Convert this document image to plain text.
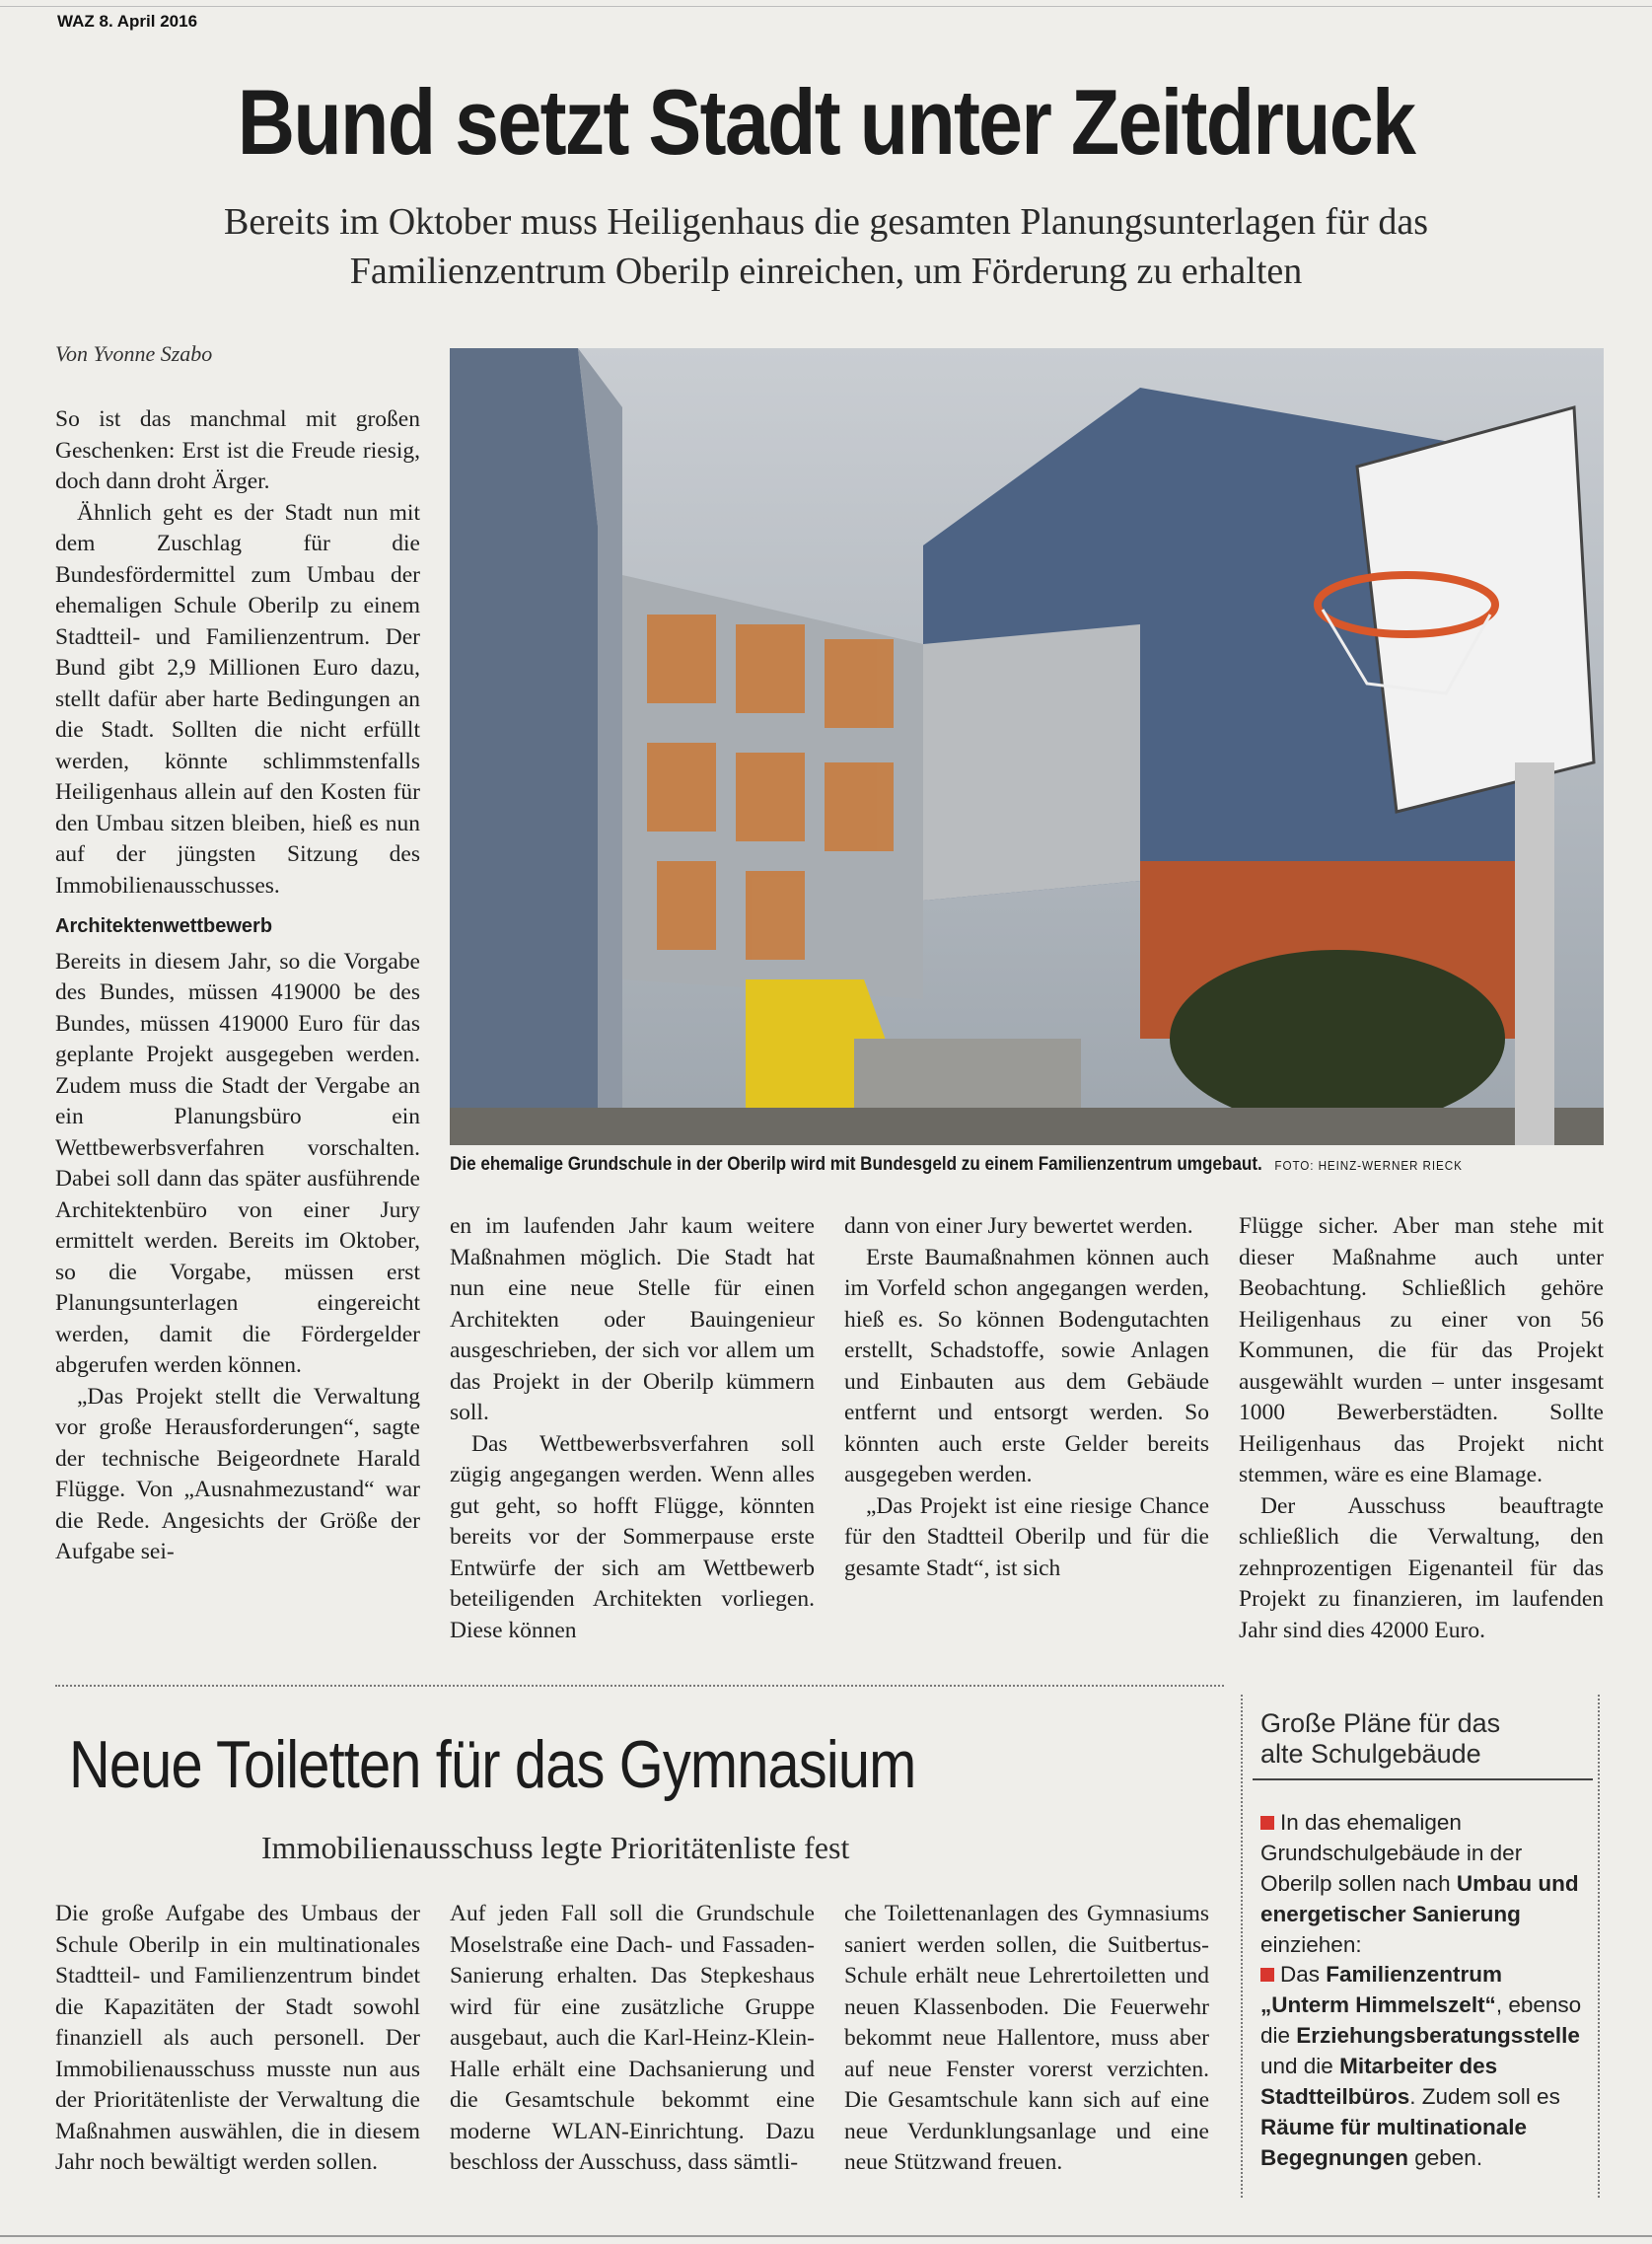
WAZ 8. April 2016
Bund setzt Stadt unter Zeitdruck
Bereits im Oktober muss Heiligenhaus die gesamten Planungsunterlagen für das
Familienzentrum Oberilp einreichen, um Förderung zu erhalten
Von Yvonne Szabo

So ist das manchmal mit großen Geschenken: Erst ist die Freude riesig, doch dann droht Ärger.

Ähnlich geht es der Stadt nun mit dem Zuschlag für die Bundesfördermittel zum Umbau der ehemaligen Schule Oberilp zu einem Stadtteil- und Familienzentrum. Der Bund gibt 2,9 Millionen Euro dazu, stellt dafür aber harte Bedingungen an die Stadt. Sollten die nicht erfüllt werden, könnte schlimmstenfalls Heiligenhaus allein auf den Kosten für den Umbau sitzen bleiben, hieß es nun auf der jüngsten Sitzung des Immobilienausschusses.

Architektenwettbewerb

Bereits in diesem Jahr, so die Vorgabe des Bundes, müssen 419000 be des Bundes, müssen 419000 Euro für das geplante Projekt ausgegeben werden. Zudem muss die Stadt der Vergabe an ein Planungsbüro ein Wettbewerbsverfahren vorschalten. Dabei soll dann das später ausführende Architektenbüro von einer Jury ermittelt werden. Bereits im Oktober, so die Vorgabe, müssen erst Planungsunterlagen eingereicht werden, damit die Fördergelder abgerufen werden können.

„Das Projekt stellt die Verwaltung vor große Herausforderungen“, sagte der technische Beigeordnete Harald Flügge. Von „Ausnahmezustand“ war die Rede. Angesichts der Größe der Aufgabe sei-

Die ehemalige Grundschule in der Oberilp wird mit Bundesgeld zu einem Familienzentrum umgebaut. FOTO: HEINZ-WERNER RIECK

en im laufenden Jahr kaum weitere Maßnahmen möglich. Die Stadt hat nun eine neue Stelle für einen Architekten oder Bauingenieur ausgeschrieben, der sich vor allem um das Projekt in der Oberilp kümmern soll.

Das Wettbewerbsverfahren soll zügig angegangen werden. Wenn alles gut geht, so hofft Flügge, könnten bereits vor der Sommerpause erste Entwürfe der sich am Wettbewerb beteiligenden Architekten vorliegen. Diese können

dann von einer Jury bewertet werden.

Erste Baumaßnahmen können auch im Vorfeld schon angegangen werden, hieß es. So können Bodengutachten erstellt, Schadstoffe, sowie Anlagen und Einbauten aus dem Gebäude entfernt und entsorgt werden. So könnten auch erste Gelder bereits ausgegeben werden.

„Das Projekt ist eine riesige Chance für den Stadtteil Oberilp und für die gesamte Stadt“, ist sich

Flügge sicher. Aber man stehe mit dieser Maßnahme auch unter Beobachtung. Schließlich gehöre Heiligenhaus zu einer von 56 Kommunen, die für das Projekt ausgewählt wurden – unter insgesamt 1000 Bewerberstädten. Sollte Heiligenhaus das Projekt nicht stemmen, wäre es eine Blamage.

Der Ausschuss beauftragte schließlich die Verwaltung, den zehnprozentigen Eigenanteil für das Projekt zu finanzieren, im laufenden Jahr sind dies 42000 Euro.

Neue Toiletten für das Gymnasium
Immobilienausschuss legte Prioritätenliste fest

Die große Aufgabe des Umbaus der Schule Oberilp in ein multinationales Stadtteil- und Familienzentrum bindet die Kapazitäten der Stadt sowohl finanziell als auch personell. Der Immobilienausschuss musste nun aus der Prioritätenliste der Verwaltung die Maßnahmen auswählen, die in diesem Jahr noch bewältigt werden sollen.

Auf jeden Fall soll die Grundschule Moselstraße eine Dach- und Fassaden-Sanierung erhalten. Das Stepkeshaus wird für eine zusätzliche Gruppe ausgebaut, auch die Karl-Heinz-Klein-Halle erhält eine Dachsanierung und die Gesamtschule bekommt eine moderne WLAN-Einrichtung. Dazu beschloss der Ausschuss, dass sämtli-

che Toilettenanlagen des Gymnasiums saniert werden sollen, die Suitbertus-Schule erhält neue Lehrertoiletten und neuen Klassenboden. Die Feuerwehr bekommt neue Hallentore, muss aber auf neue Fenster vorerst verzichten. Die Gesamtschule kann sich auf eine neue Verdunklungsanlage und eine neue Stützwand freuen.

Große Pläne für das
alte Schulgebäude
In das ehemaligen Grundschulgebäude in der Oberilp sollen nach Umbau und energetischer Sanierung einziehen:
Das Familienzentrum „Unterm Himmelszelt“, ebenso die Erziehungsberatungsstelle und die Mitarbeiter des Stadtteilbüros. Zudem soll es Räume für multinationale Begegnungen geben.
